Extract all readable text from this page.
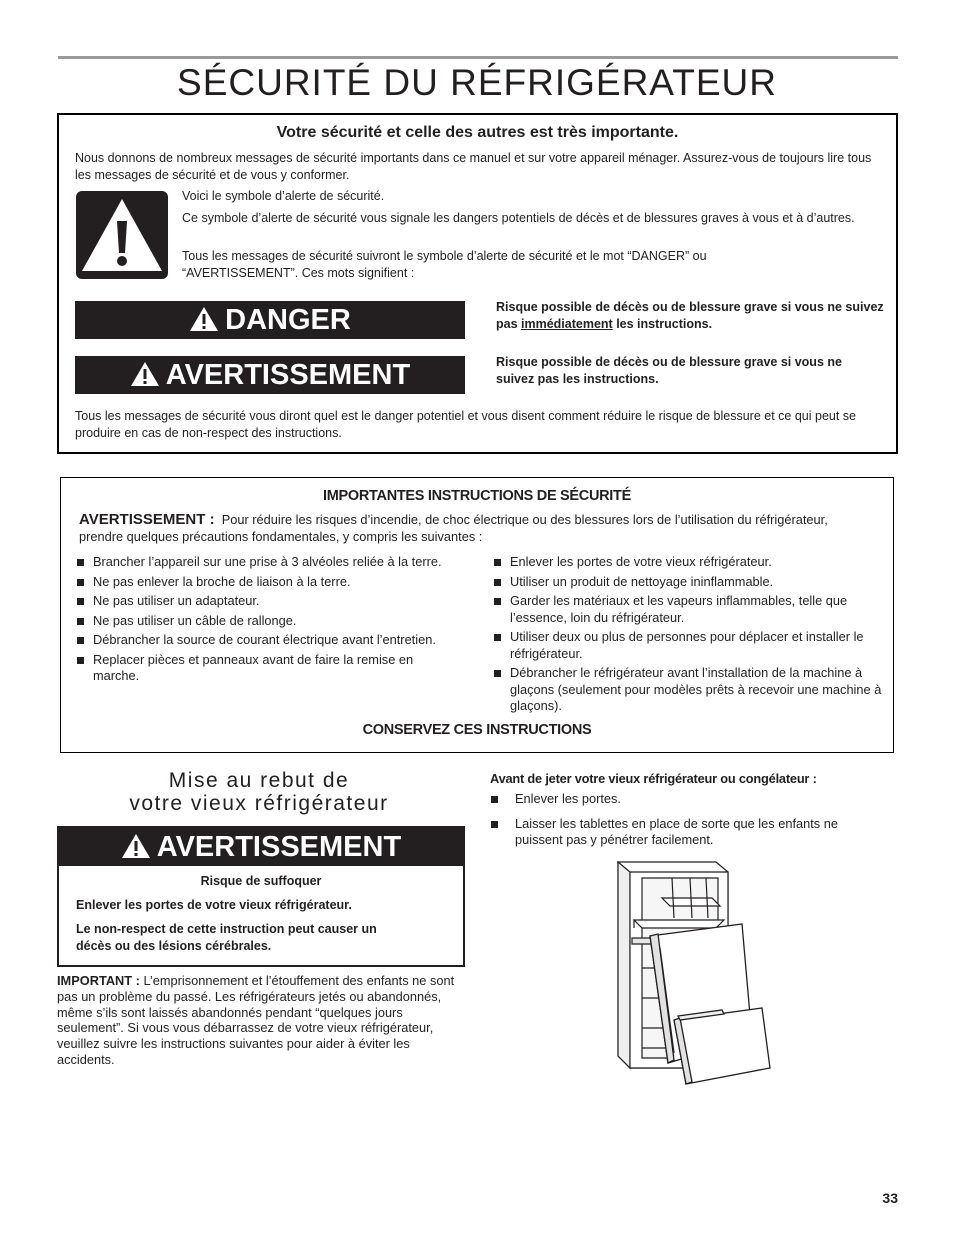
SÉCURITÉ DU RÉFRIGÉRATEUR
Votre sécurité et celle des autres est très importante.

Nous donnons de nombreux messages de sécurité importants dans ce manuel et sur votre appareil ménager. Assurez-vous de toujours lire tous les messages de sécurité et de vous y conformer.

Voici le symbole d’alerte de sécurité.

Ce symbole d’alerte de sécurité vous signale les dangers potentiels de décès et de blessures graves à vous et à d’autres.

Tous les messages de sécurité suivront le symbole d’alerte de sécurité et le mot “DANGER” ou “AVERTISSEMENT”. Ces mots signifient :

DANGER	Risque possible de décès ou de blessure grave si vous ne suivez pas immédiatement les instructions.

AVERTISSEMENT	Risque possible de décès ou de blessure grave si vous ne suivez pas les instructions.

Tous les messages de sécurité vous diront quel est le danger potentiel et vous disent comment réduire le risque de blessure et ce qui peut se produire en cas de non-respect des instructions.

IMPORTANTES INSTRUCTIONS DE SÉCURITÉ

AVERTISSEMENT : Pour réduire les risques d’incendie, de choc électrique ou des blessures lors de l’utilisation du réfrigérateur, prendre quelques précautions fondamentales, y compris les suivantes :

Brancher l’appareil sur une prise à 3 alvéoles reliée à la terre.
Ne pas enlever la broche de liaison à la terre.
Ne pas utiliser un adaptateur.
Ne pas utiliser un câble de rallonge.
Débrancher la source de courant électrique avant l’entretien.
Replacer pièces et panneaux avant de faire la remise en marche.
Enlever les portes de votre vieux réfrigérateur.
Utiliser un produit de nettoyage ininflammable.
Garder les matériaux et les vapeurs inflammables, telle que l’essence, loin du réfrigérateur.
Utiliser deux ou plus de personnes pour déplacer et installer le réfrigérateur.
Débrancher le réfrigérateur avant l’installation de la machine à glaçons (seulement pour modèles prêts à recevoir une machine à glaçons).
CONSERVEZ CES INSTRUCTIONS
Mise au rebut de
votre vieux réfrigérateur
AVERTISSEMENT
Risque de suffoquer
Enlever les portes de votre vieux réfrigérateur.
Le non-respect de cette instruction peut causer un décès ou des lésions cérébrales.

IMPORTANT : L’emprisonnement et l’étouffement des enfants ne sont pas un problème du passé. Les réfrigérateurs jetés ou abandonnés, même s’ils sont laissés abandonnés pendant “quelques jours seulement”. Si vous vous débarrassez de votre vieux réfrigérateur, veuillez suivre les instructions suivantes pour aider à éviter les accidents.

Avant de jeter votre vieux réfrigérateur ou congélateur :
Enlever les portes.
Laisser les tablettes en place de sorte que les enfants ne puissent pas y pénétrer facilement.
33
